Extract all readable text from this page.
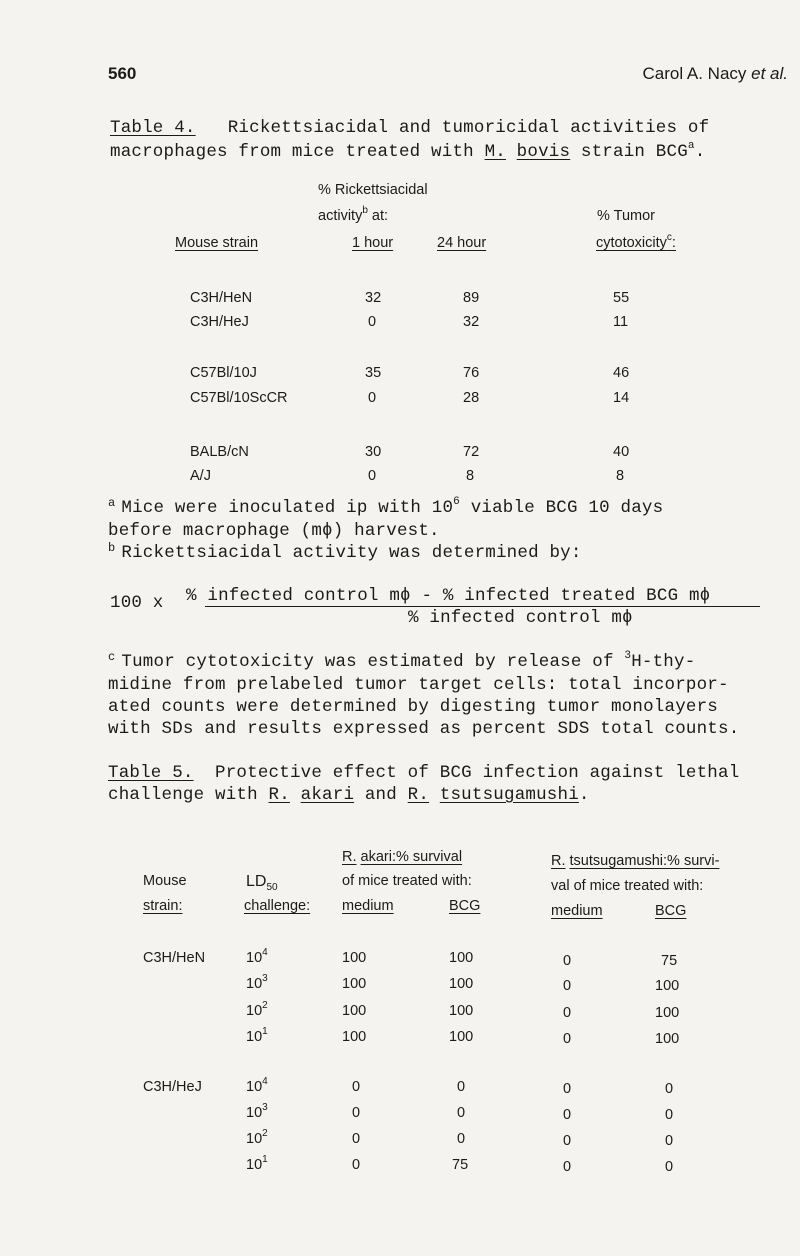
560	Carol A. Nacy et al.
Table 4. Rickettsiacidal and tumoricidal activities of
macrophages from mice treated with M. bovis strain BCG$^a$.
% Rickettsiacidal
activity$^b$ at:	% Tumor
Mouse strain	1 hour	24 hour	cytotoxicity$^c$:
C3H/HeN	32	89	55
C3H/HeJ	0	32	11
C57Bl/10J	35	76	46
C57Bl/10ScCR	0	28	14
BALB/cN	30	72	40
A/J	0	8	8
$^a$ Mice were inoculated ip with $10^6$ viable BCG 10 days
before macrophage (mϕ) harvest.
$^b$ Rickettsiacidal activity was determined by:
100 x % infected control mϕ - % infected treated BCG mϕ
% infected control mϕ
$^c$ Tumor cytotoxicity was estimated by release of $^3$H-thy-
midine from prelabeled tumor target cells: total incorpor-
ated counts were determined by digesting tumor monolayers
with SDs and results expressed as percent SDS total counts.
Table 5. Protective effect of BCG infection against lethal
challenge with R. akari and R. tsutsugamushi.
R. akari:% survival
of mice treated with:
R. tsutsugamushi:% survi-
val of mice treated with:
Mouse
strain:
$LD_{50}$
challenge: medium	BCG	medium	BCG
C3H/HeN	$10^4$	100	100	0	75
$10^3$	100	100	0	100
$10^2$	100	100	0	100
$10^1$	100	100	0	100
C3H/HeJ	$10^4$	0	0	0	0
$10^3$	0	0	0	0
$10^2$	0	0	0	0
$10^1$	0	75	0	0
